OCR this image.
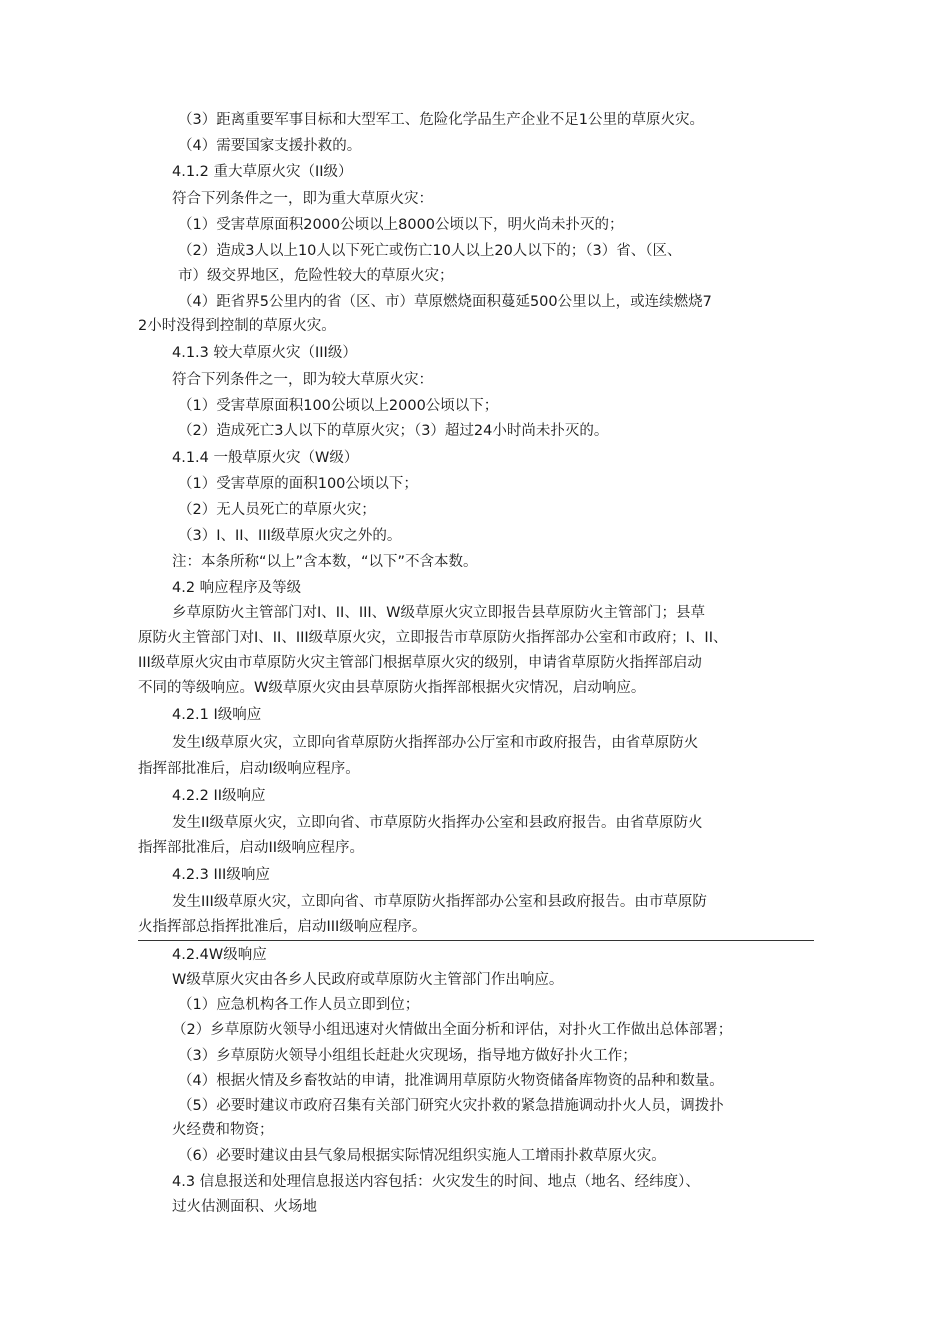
（3）距离重要军事目标和大型军工、危险化学品生产企业不足1公里的草原火灾。
（4）需要国家支援扑救的。
4.1.2 重大草原火灾（II级）
符合下列条件之一，即为重大草原火灾：
（1）受害草原面积2000公顷以上8000公顷以下，明火尚未扑灭的；
（2）造成3人以上10人以下死亡或伤亡10人以上20人以下的；（3）省、（区、
市）级交界地区，危险性较大的草原火灾；
（4）距省界5公里内的省（区、市）草原燃烧面积蔓延500公里以上，或连续燃烧7
2小时没得到控制的草原火灾。
4.1.3 较大草原火灾（III级）
符合下列条件之一，即为较大草原火灾：
（1）受害草原面积100公顷以上2000公顷以下；
（2）造成死亡3人以下的草原火灾；（3）超过24小时尚未扑灭的。
4.1.4 一般草原火灾（W级）
（1）受害草原的面积100公顷以下；
（2）无人员死亡的草原火灾；
（3）I、II、III级草原火灾之外的。
注：本条所称“以上”含本数，“以下”不含本数。
4.2 响应程序及等级
乡草原防火主管部门对I、II、III、W级草原火灾立即报告县草原防火主管部门；县草
原防火主管部门对I、II、III级草原火灾，立即报告市草原防火指挥部办公室和市政府；I、II、
III级草原火灾由市草原防火灾主管部门根据草原火灾的级别，申请省草原防火指挥部启动
不同的等级响应。W级草原火灾由县草原防火指挥部根据火灾情况，启动响应。
4.2.1 Ⅰ级响应
发生Ⅰ级草原火灾，立即向省草原防火指挥部办公厅室和市政府报告，由省草原防火
指挥部批准后，启动Ⅰ级响应程序。
4.2.2 II级响应
发生II级草原火灾，立即向省、市草原防火指挥办公室和县政府报告。由省草原防火
指挥部批准后，启动II级响应程序。
4.2.3 III级响应
发生III级草原火灾，立即向省、市草原防火指挥部办公室和县政府报告。由市草原防
火指挥部总指挥批准后，启动III级响应程序。
4.2.4W级响应
W级草原火灾由各乡人民政府或草原防火主管部门作出响应。
（1）应急机构各工作人员立即到位；
（2）乡草原防火领导小组迅速对火情做出全面分析和评估，对扑火工作做出总体部署；
（3）乡草原防火领导小组组长赶赴火灾现场，指导地方做好扑火工作；
（4）根据火情及乡畜牧站的申请，批准调用草原防火物资储备库物资的品种和数量。
（5）必要时建议市政府召集有关部门研究火灾扑救的紧急措施调动扑火人员，调拨扑
火经费和物资；
（6）必要时建议由县气象局根据实际情况组织实施人工增雨扑救草原火灾。
4.3 信息报送和处理信息报送内容包括：火灾发生的时间、地点（地名、经纬度）、
过火估测面积、火场地
